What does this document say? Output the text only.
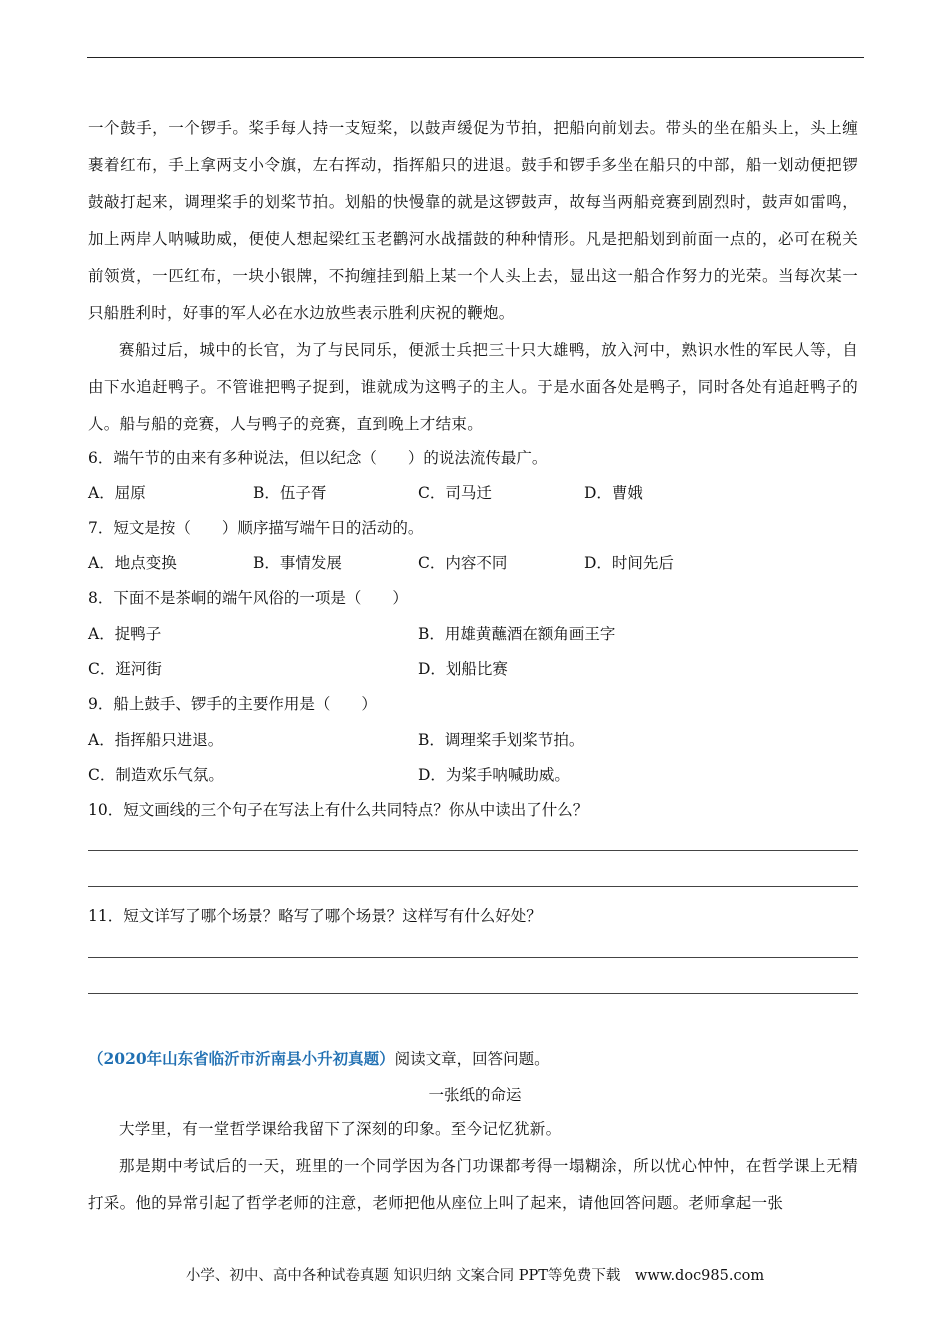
一个鼓手，一个锣手。桨手每人持一支短桨，以鼓声缓促为节拍，把船向前划去。带头的坐在船头上，头上缠裹着红布，手上拿两支小令旗，左右挥动，指挥船只的进退。鼓手和锣手多坐在船只的中部，船一划动便把锣鼓敲打起来，调理桨手的划桨节拍。划船的快慢靠的就是这锣鼓声，故每当两船竞赛到剧烈时，鼓声如雷鸣，加上两岸人呐喊助威，便使人想起梁红玉老鹳河水战擂鼓的种种情形。凡是把船划到前面一点的，必可在税关前领赏，一匹红布，一块小银牌，不拘缠挂到船上某一个人头上去，显出这一船合作努力的光荣。当每次某一只船胜利时，好事的军人必在水边放些表示胜利庆祝的鞭炮。
赛船过后，城中的长官，为了与民同乐，便派士兵把三十只大雄鸭，放入河中，熟识水性的军民人等，自由下水追赶鸭子。不管谁把鸭子捉到，谁就成为这鸭子的主人。于是水面各处是鸭子，同时各处有追赶鸭子的人。船与船的竞赛，人与鸭子的竞赛，直到晚上才结束。
6．端午节的由来有多种说法，但以纪念（　　）的说法流传最广。
A．屈原	B．伍子胥	C．司马迁	D．曹娥
7．短文是按（　　）顺序描写端午日的活动的。
A．地点变换	B．事情发展	C．内容不同	D．时间先后
8．下面不是茶峒的端午风俗的一项是（　　）
A．捉鸭子	B．用雄黄蘸酒在额角画王字
C．逛河街	D．划船比赛
9．船上鼓手、锣手的主要作用是（　　）
A．指挥船只进退。	B．调理桨手划桨节拍。
C．制造欢乐气氛。	D．为桨手呐喊助威。
10．短文画线的三个句子在写法上有什么共同特点？你从中读出了什么？
11．短文详写了哪个场景？略写了哪个场景？这样写有什么好处？
（2020年山东省临沂市沂南县小升初真题）阅读文章，回答问题。
一张纸的命运
大学里，有一堂哲学课给我留下了深刻的印象。至今记忆犹新。
那是期中考试后的一天，班里的一个同学因为各门功课都考得一塌糊涂，所以忧心忡忡，在哲学课上无精打采。他的异常引起了哲学老师的注意，老师把他从座位上叫了起来，请他回答问题。老师拿起一张
小学、初中、高中各种试卷真题 知识归纳 文案合同 PPT等免费下载　www.doc985.com
